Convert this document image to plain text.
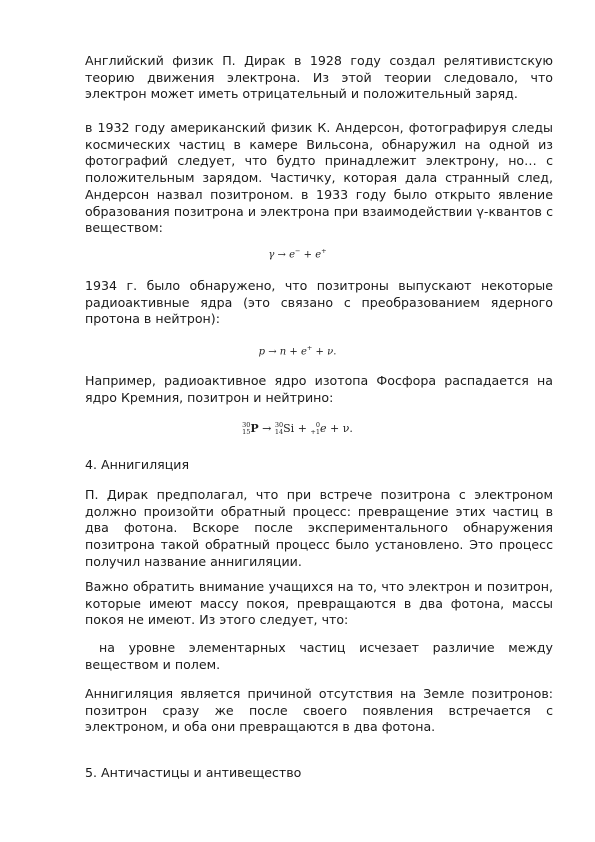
Английский физик П. Дирак в 1928 году создал релятивистскую теорию движения электрона. Из этой теории следовало, что электрон может иметь отрицательный и положительный заряд.

в 1932 году американский физик К. Андерсон, фотографируя следы космических частиц в камере Вильсона, обнаружил на одной из фотографий следует, что будто принадлежит электрону, но… с положительным зарядом. Частичку, которая дала странный след, Андерсон назвал позитроном. в 1933 году было открыто явление образования позитрона и электрона при взаимодействии γ-квантов с веществом:

γ → e− + e+

1934 г. было обнаружено, что позитроны выпускают некоторые радиоактивные ядра (это связано с преобразованием ядерного протона в нейтрон):

p → n + e+ + ν.

Например, радиоактивное ядро изотопа Фосфора распадается на ядро Кремния, позитрон и нейтрино:

30
15P → 30
14Si + 0
+1e + ν.

4. Аннигиляция

П. Дирак предполагал, что при встрече позитрона с электроном должно произойти обратный процесс: превращение этих частиц в два фотона. Вскоре после экспериментального обнаружения позитрона такой обратный процесс было установлено. Это процесс получил название аннигиляции.

Важно обратить внимание учащихся на то, что электрон и позитрон, которые имеют массу покоя, превращаются в два фотона, массы покоя не имеют. Из этого следует, что:

на уровне элементарных частиц исчезает различие между веществом и полем.

Аннигиляция является причиной отсутствия на Земле позитронов: позитрон сразу же после своего появления встречается с электроном, и оба они превращаются в два фотона.

5. Античастицы и антивещество
